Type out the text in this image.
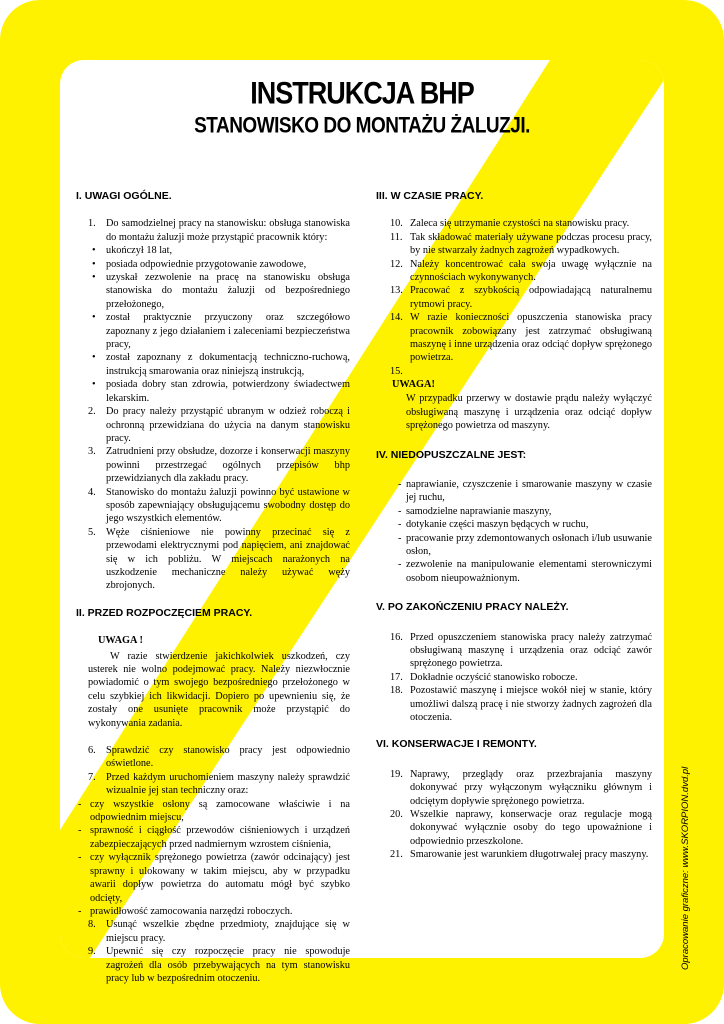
INSTRUKCJA BHP
STANOWISKO DO MONTAŻU ŻALUZJI.
I. UWAGI OGÓLNE.
1. Do samodzielnej pracy na stanowisku: obsługa stanowiska do montażu żaluzji może przystąpić pracownik który:
• ukończył 18 lat,
• posiada odpowiednie przygotowanie zawodowe,
• uzyskał zezwolenie na pracę na stanowisku obsługa stanowiska do montażu żaluzji od bezpośredniego przełożonego,
• został praktycznie przyuczony oraz szczegółowo zapoznany z jego działaniem i zaleceniami bezpieczeństwa pracy,
• został zapoznany z dokumentacją techniczno-ruchową, instrukcją smarowania oraz niniejszą instrukcją,
• posiada dobry stan zdrowia, potwierdzony świadectwem lekarskim.
2. Do pracy należy przystąpić ubranym w odzież roboczą i ochronną przewidziana do użycia na danym stanowisku pracy.
3. Zatrudnieni przy obsłudze, dozorze i konserwacji maszyny powinni przestrzegać ogólnych przepisów bhp przewidzianych dla zakładu pracy.
4. Stanowisko do montażu żaluzji powinno być ustawione w sposób zapewniający obsługującemu swobodny dostęp do jego wszystkich elementów.
5. Węże ciśnieniowe nie powinny przecinać się z przewodami elektrycznymi pod napięciem, ani znajdować się w ich pobliżu. W miejscach narażonych na uszkodzenie mechaniczne należy używać węży zbrojonych.
II. PRZED ROZPOCZĘCIEM PRACY.
UWAGA !
W razie stwierdzenie jakichkolwiek uszkodzeń, czy usterek nie wolno podejmować pracy. Należy niezwłocznie powiadomić o tym swojego bezpośredniego przełożonego w celu szybkiej ich likwidacji. Dopiero po upewnieniu się, że zostały one usunięte pracownik może przystąpić do wykonywania zadania.
6. Sprawdzić czy stanowisko pracy jest odpowiednio oświetlone.
7. Przed każdym uruchomieniem maszyny należy sprawdzić wizualnie jej stan techniczny oraz:
- czy wszystkie osłony są zamocowane właściwie i na odpowiednim miejscu,
- sprawność i ciągłość przewodów ciśnieniowych i urządzeń zabezpieczających przed nadmiernym wzrostem ciśnienia,
- czy wyłącznik sprężonego powietrza (zawór odcinający) jest sprawny i ulokowany w takim miejscu, aby w przypadku awarii dopływ powietrza do automatu mógł być szybko odcięty,
- prawidłowość zamocowania narzędzi roboczych.
8. Usunąć wszelkie zbędne przedmioty, znajdujące się w miejscu pracy.
9. Upewnić się czy rozpoczęcie pracy nie spowoduje zagrożeń dla osób przebywających na tym stanowisku pracy lub w bezpośrednim otoczeniu.
III. W CZASIE PRACY.
10. Zaleca się utrzymanie czystości na stanowisku pracy.
11. Tak składować materiały używane podczas procesu pracy, by nie stwarzały żadnych zagrożeń wypadkowych.
12. Należy koncentrować cała swoja uwagę wyłącznie na czynnościach wykonywanych.
13. Pracować z szybkością odpowiadającą naturalnemu rytmowi pracy.
14. W razie konieczności opuszczenia stanowiska pracy pracownik zobowiązany jest zatrzymać obsługiwaną maszynę i inne urządzenia oraz odciąć dopływ sprężonego powietrza.
15.
UWAGA!
W przypadku przerwy w dostawie prądu należy wyłączyć obsługiwaną maszynę i urządzenia oraz odciąć dopływ sprężonego powietrza od maszyny.
IV. NIEDOPUSZCZALNE JEST:
- naprawianie, czyszczenie i smarowanie maszyny w czasie jej ruchu,
- samodzielne naprawianie maszyny,
- dotykanie części maszyn będących w ruchu,
- pracowanie przy zdemontowanych osłonach i/lub usuwanie osłon,
- zezwolenie na manipulowanie elementami sterowniczymi osobom nieupoważnionym.
V. PO ZAKOŃCZENIU PRACY NALEŻY.
16. Przed opuszczeniem stanowiska pracy należy zatrzymać obsługiwaną maszynę i urządzenia oraz odciąć zawór sprężonego powietrza.
17. Dokładnie oczyścić stanowisko robocze.
18. Pozostawić maszynę i miejsce wokół niej w stanie, który umożliwi dalszą pracę i nie stworzy żadnych zagrożeń dla otoczenia.
VI. KONSERWACJE I REMONTY.
19. Naprawy, przeglądy oraz przezbrajania maszyny dokonywać przy wyłączonym wyłączniku głównym i odciętym dopływie sprężonego powietrza.
20. Wszelkie naprawy, konserwacje oraz regulacje mogą dokonywać wyłącznie osoby do tego upoważnione i odpowiednio przeszkolone.
21. Smarowanie jest warunkiem długotrwałej pracy maszyny.	Opracowanie graficzne: www.SKORPION.dvd.pl
